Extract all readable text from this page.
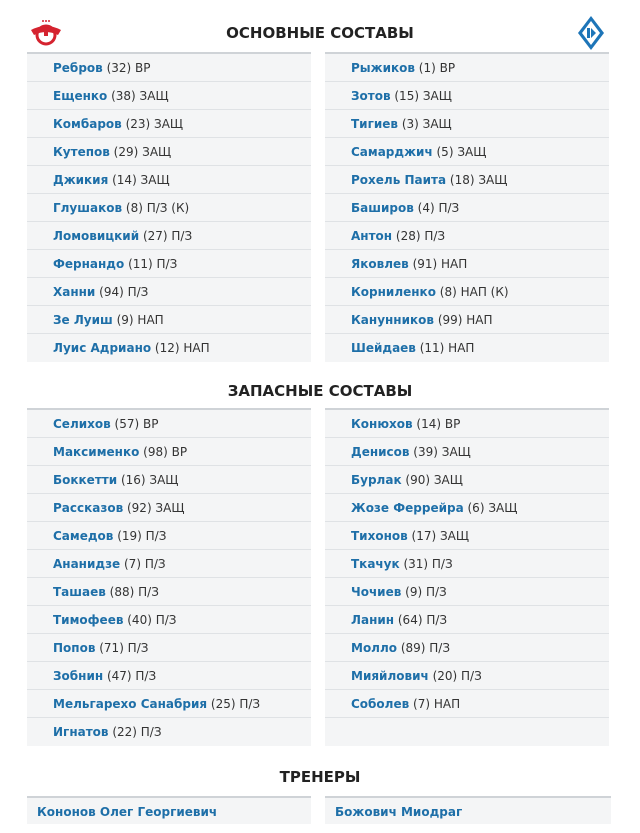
ОСНОВНЫЕ СОСТАВЫ
Ребров (32) ВР
Ещенко (38) ЗАЩ
Комбаров (23) ЗАЩ
Кутепов (29) ЗАЩ
Джикия (14) ЗАЩ
Глушаков (8) П/З (К)
Ломовицкий (27) П/З
Фернандо (11) П/З
Ханни (94) П/З
Зе Луиш (9) НАП
Луис Адриано (12) НАП
Рыжиков (1) ВР
Зотов (15) ЗАЩ
Тигиев (3) ЗАЩ
Самарджич (5) ЗАЩ
Рохель Паита (18) ЗАЩ
Баширов (4) П/З
Антон (28) П/З
Яковлев (91) НАП
Корниленко (8) НАП (К)
Канунников (99) НАП
Шейдаев (11) НАП
ЗАПАСНЫЕ СОСТАВЫ
Селихов (57) ВР
Максименко (98) ВР
Боккетти (16) ЗАЩ
Рассказов (92) ЗАЩ
Самедов (19) П/З
Ананидзе (7) П/З
Ташаев (88) П/З
Тимофеев (40) П/З
Попов (71) П/З
Зобнин (47) П/З
Мельгарехо Санабрия (25) П/З
Игнатов (22) П/З
Конюхов (14) ВР
Денисов (39) ЗАЩ
Бурлак (90) ЗАЩ
Жозе Феррейра (6) ЗАЩ
Тихонов (17) ЗАЩ
Ткачук (31) П/З
Чочиев (9) П/З
Ланин (64) П/З
Молло (89) П/З
Мияйлович (20) П/З
Соболев (7) НАП
ТРЕНЕРЫ
Кононов Олег Георгиевич	Божович Миодраг
